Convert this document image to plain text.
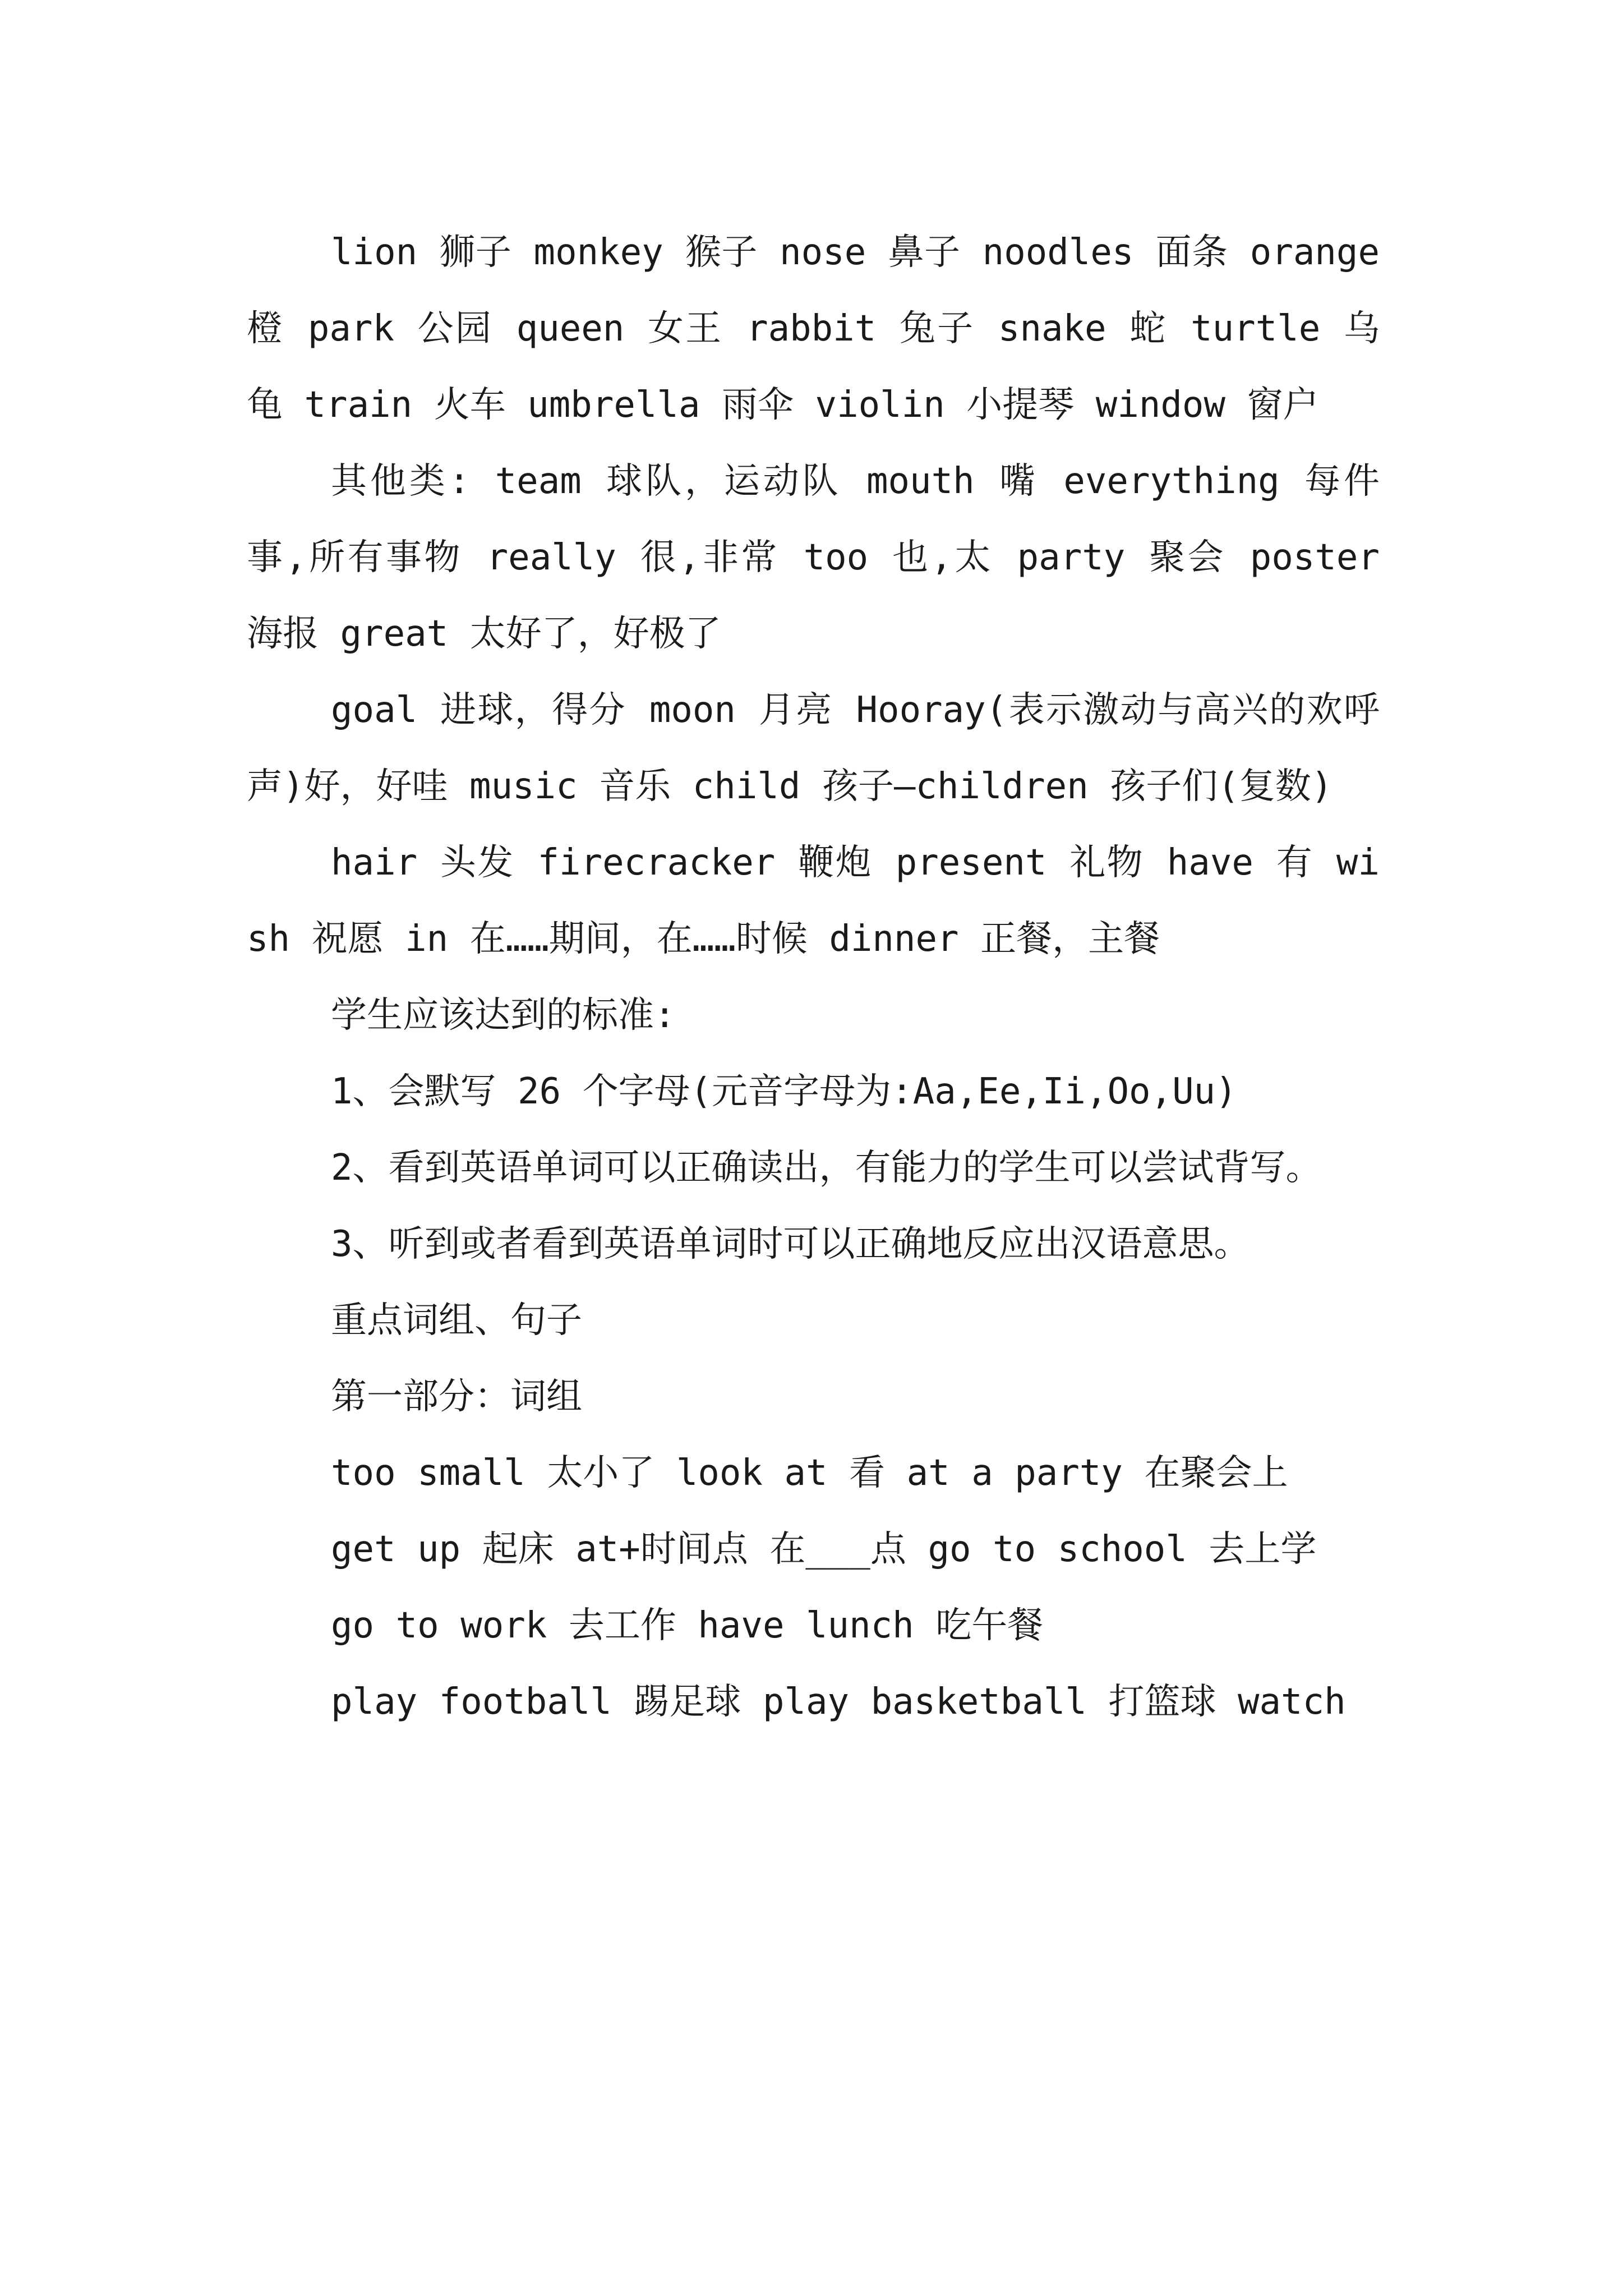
lion 狮子 monkey 猴子 nose 鼻子 noodles 面条 orange 橙 park 公园 queen 女王 rabbit 兔子 snake 蛇 turtle 乌龟 train 火车 umbrella 雨伞 violin 小提琴 window 窗户

其他类: team 球队，运动队 mouth 嘴 everything 每件事,所有事物 really 很,非常 too 也,太 party 聚会 poster 海报 great 太好了，好极了

goal 进球，得分 moon 月亮 Hooray(表示激动与高兴的欢呼声)好，好哇 music 音乐 child 孩子—children 孩子们(复数)

hair 头发 firecracker 鞭炮 present 礼物 have 有 wish 祝愿 in 在……期间，在……时候 dinner 正餐，主餐

学生应该达到的标准:

1、会默写 26 个字母(元音字母为:Aa,Ee,Ii,Oo,Uu)

2、看到英语单词可以正确读出，有能力的学生可以尝试背写。

3、听到或者看到英语单词时可以正确地反应出汉语意思。

重点词组、句子

第一部分：词组

too small 太小了 look at 看 at a party 在聚会上

get up 起床 at+时间点 在___点 go to school 去上学

go to work 去工作 have lunch 吃午餐

play football 踢足球 play basketball 打篮球 watch
